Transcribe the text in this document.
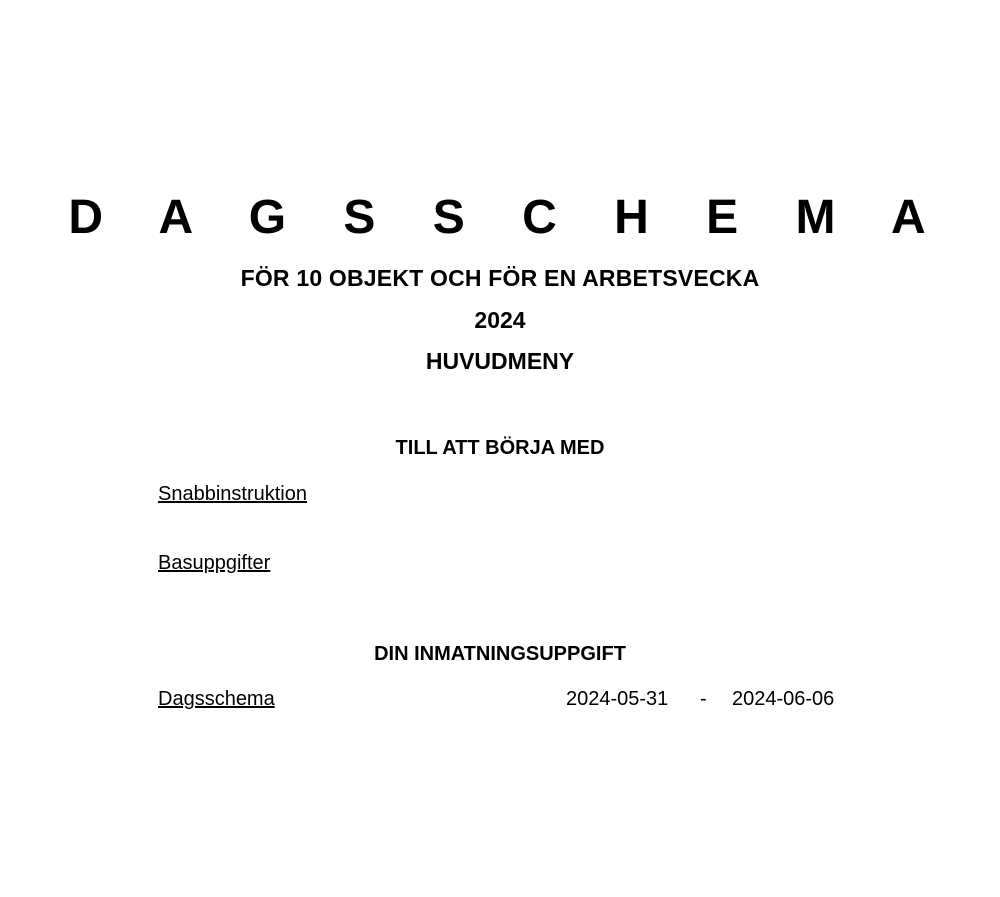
D A G S S C H E M A
FÖR 10 OBJEKT OCH FÖR EN ARBETSVECKA
2024
HUVUDMENY
TILL ATT BÖRJA MED
Snabbinstruktion
Basuppgifter
DIN INMATNINGSUPPGIFT
Dagsschema	2024-05-31 - 2024-06-06
